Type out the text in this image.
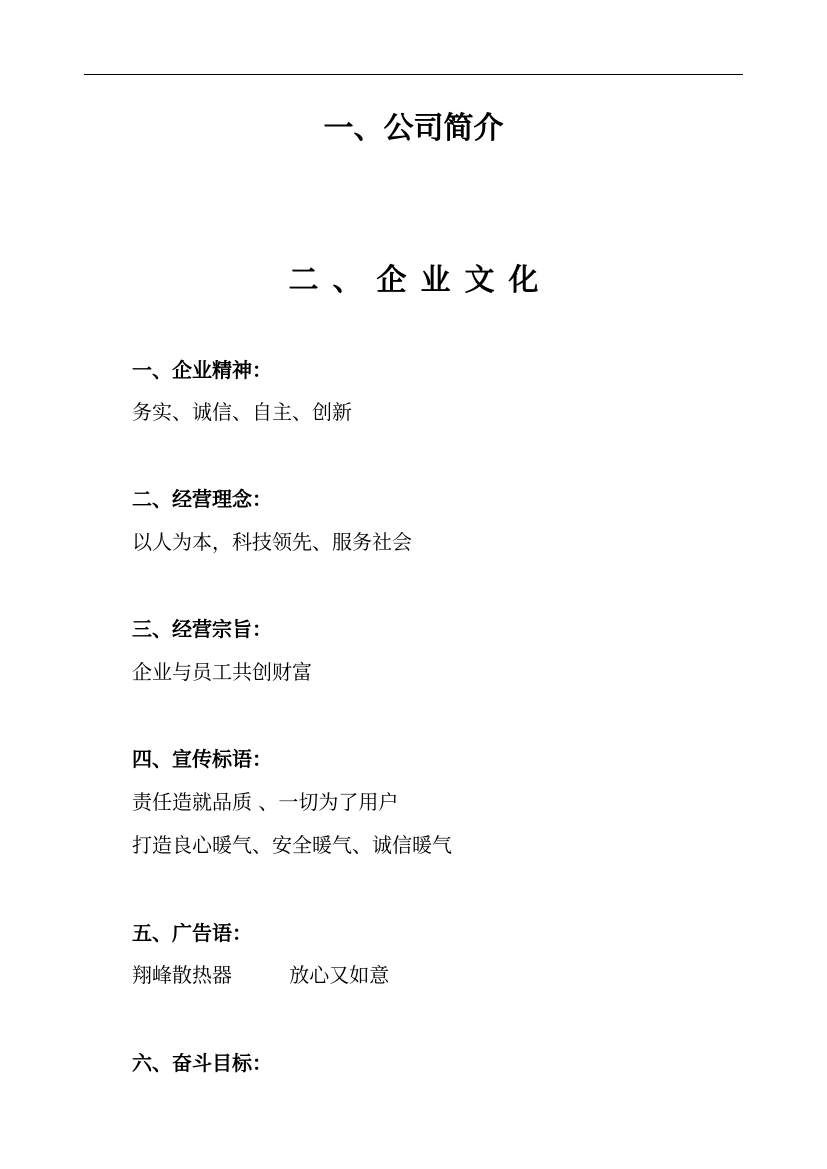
一、公司简介
二、企业文化
一、企业精神：
务实、诚信、自主、创新
二、经营理念：
以人为本，科技领先、服务社会
三、经营宗旨：
企业与员工共创财富
四、宣传标语：
责任造就品质 、一切为了用户
打造良心暖气、安全暖气、诚信暖气
五、广告语：
翔峰散热器         放心又如意
六、奋斗目标：
